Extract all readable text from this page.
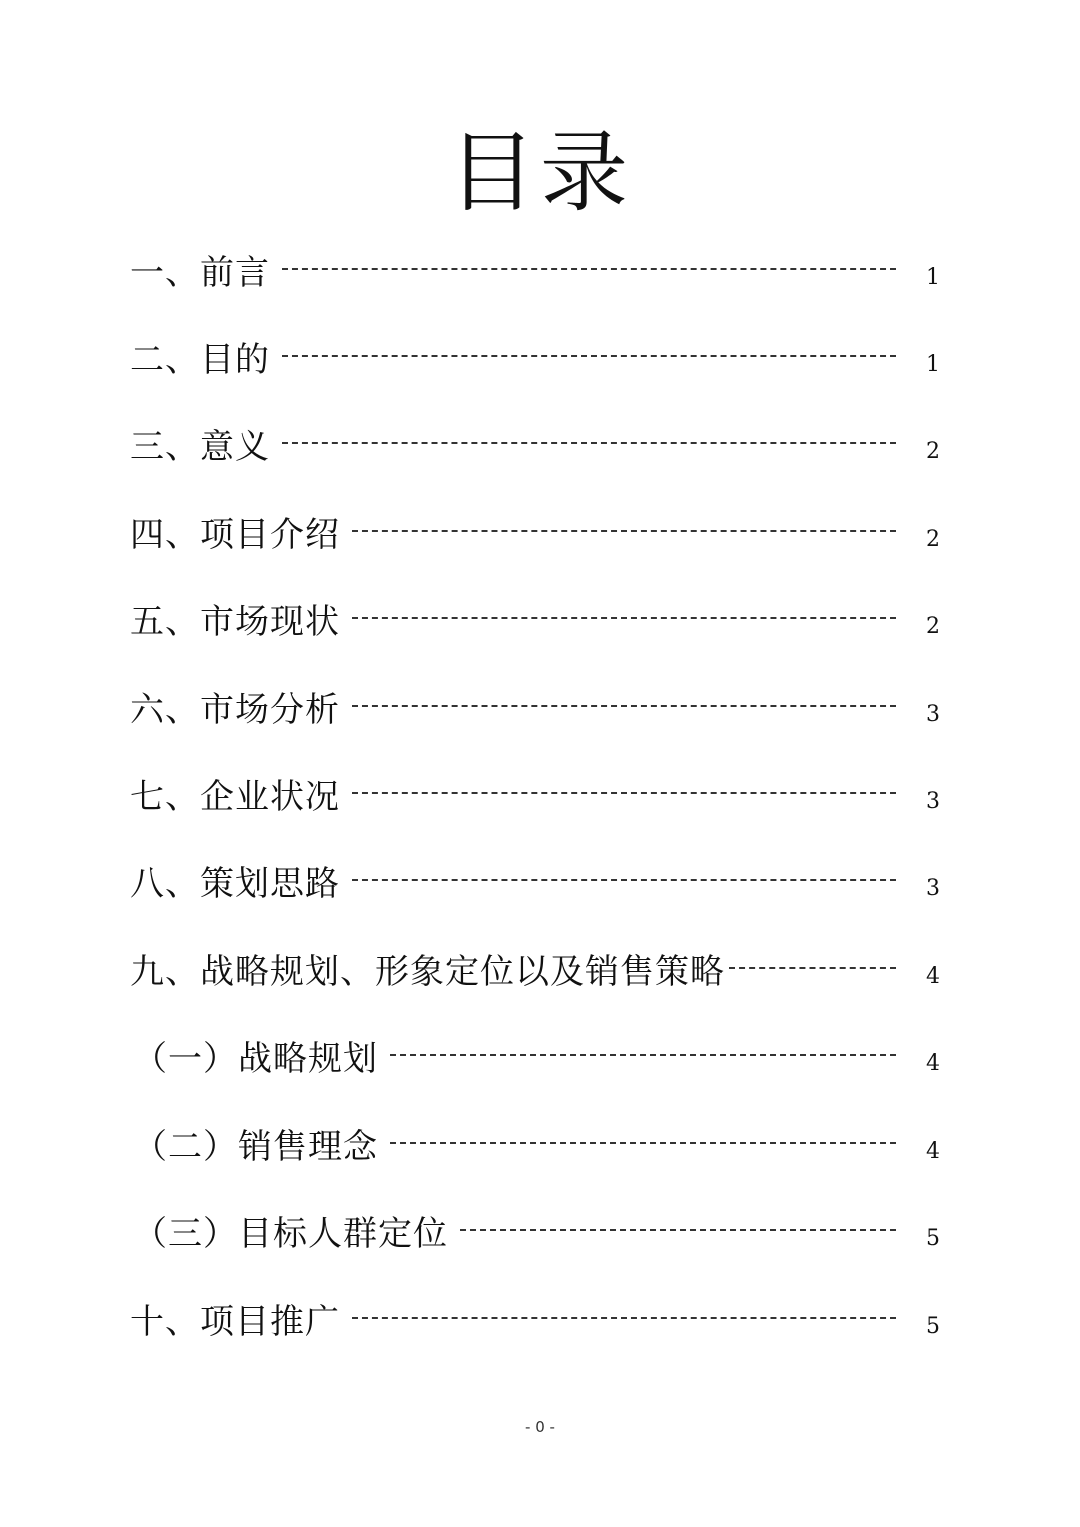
目录
一、前言	1
二、目的	1
三、意义	2
四、项目介绍	2
五、市场现状	2
六、市场分析	3
七、企业状况	3
八、策划思路	3
九、战略规划、形象定位以及销售策略	4
（一）战略规划	4
（二）销售理念	4
（三）目标人群定位	5
十、项目推广	5
- 0 -
